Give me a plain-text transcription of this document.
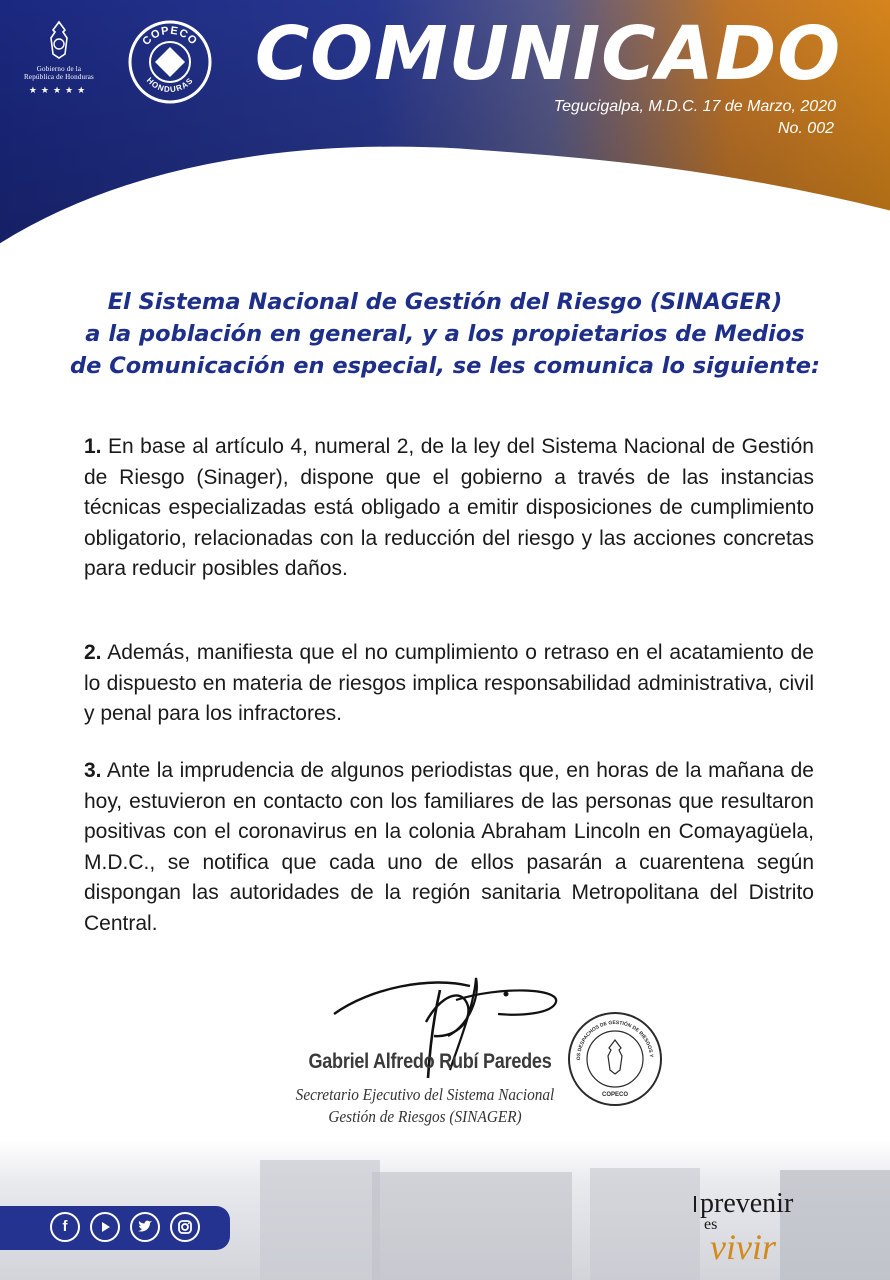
Gobierno de la
República de Honduras
★★★★★
COPECO
HONDURAS COMUNICADO
Tegucigalpa, M.D.C. 17 de Marzo, 2020
No. 002
El Sistema Nacional de Gestión del Riesgo (SINAGER)
a la población en general, y a los propietarios de Medios
de Comunicación en especial, se les comunica lo siguiente:
1. En base al artículo 4, numeral 2, de la ley del Sistema Nacional de Gestión de Riesgo (Sinager), dispone que el gobierno a través de las instancias técnicas especializadas está obligado a emitir disposiciones de cumplimiento obligatorio, relacionadas con la reducción del riesgo y las acciones concretas para reducir posibles daños.
2. Además, manifiesta que el no cumplimiento o retraso en el acatamiento de lo dispuesto en materia de riesgos implica responsabilidad administrativa, civil y penal para los infractores.
3. Ante la imprudencia de algunos periodistas que, en horas de la mañana de hoy, estuvieron en contacto con los familiares de las personas que resultaron positivas con el coronavirus en la colonia Abraham Lincoln en Comayagüela, M.D.C., se notifica que cada uno de ellos pasarán a cuarentena según dispongan las autoridades de la región sanitaria Metropolitana del Distrito Central.
Gabriel Alfredo Rubí Paredes
Secretario Ejecutivo del Sistema Nacional
Gestión de Riesgos (SINAGER)
OS DESPACHOS DE GESTIÓN DE RIESGOS Y
COPECO
f
prevenir
es
vivir
